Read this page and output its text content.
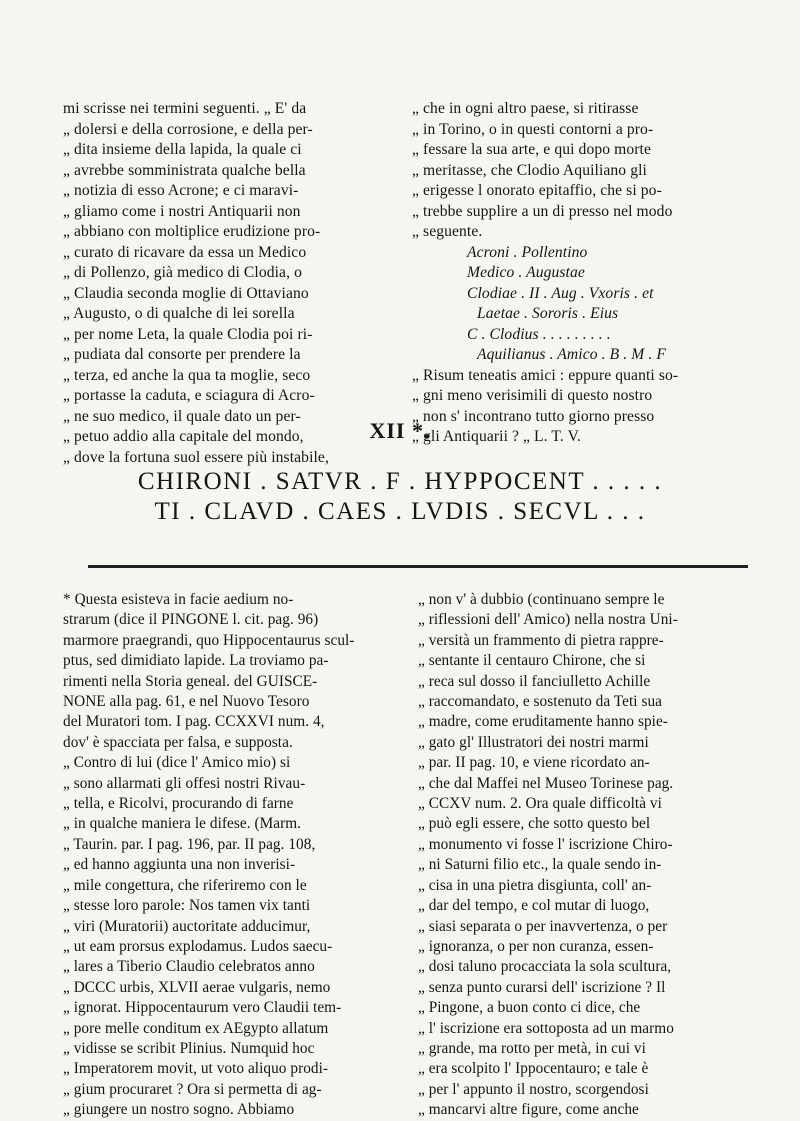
mi scrisse nei termini seguenti. „ E' da
„ dolersi e della corrosione, e della per-
„ dita insieme della lapida, la quale ci
„ avrebbe somministrata qualche bella
„ notizia di esso Acrone; e ci maravi-
„ gliamo come i nostri Antiquarii non
„ abbiano con moltiplice erudizione pro-
„ curato di ricavare da essa un Medico
„ di Pollenzo, già medico di Clodia, o
„ Claudia seconda moglie di Ottaviano
„ Augusto, o di qualche di lei sorella
„ per nome Leta, la quale Clodia poi ri-
„ pudiata dal consorte per prendere la
„ terza, ed anche la qua ta moglie, seco
„ portasse la caduta, e sciagura di Acro-
„ ne suo medico, il quale dato un per-
„ petuo addio alla capitale del mondo,
„ dove la fortuna suol essere più instabile,
„ che in ogni altro paese, si ritirasse
„ in Torino, o in questi contorni a pro-
„ fessare la sua arte, e qui dopo morte
„ meritasse, che Clodio Aquiliano gli
„ erigesse l onorato epitaffio, che si po-
„ trebbe supplire a un di presso nel modo
„ seguente.
Acroni . Pollentino
Medico . Augustae
Clodiae . II . Aug . Vxoris . et
Laetae . Sororis . Eius
C . Clodius . . . . . . . . .
Aquilianus . Amico . B . M . F
„ Risum teneatis amici : eppure quanti so-
„ gni meno verisimili di questo nostro
„ non s' incontrano tutto giorno presso
„ gli Antiquarii ? „ L. T. V.
XII *.
CHIRONI . SATVR . F . HYPPOCENT . . . . .
TI . CLAVD . CAES . LVDIS . SECVL . . .
* Questa esisteva in facie aedium no-
strarum (dice il PINGONE l. cit. pag. 96)
marmore praegrandi, quo Hippocentaurus scul-
ptus, sed dimidiato lapide. La troviamo pa-
rimenti nella Storia geneal. del GUISCE-
NONE alla pag. 61, e nel Nuovo Tesoro
del Muratori tom. I pag. CCXXVI num. 4,
dov' è spacciata per falsa, e supposta.
„ Contro di lui (dice l' Amico mio) si
„ sono allarmati gli offesi nostri Rivau-
„ tella, e Ricolvi, procurando di farne
„ in qualche maniera le difese. (Marm.
„ Taurin. par. I pag. 196, par. II pag. 108,
„ ed hanno aggiunta una non inverisi-
„ mile congettura, che riferiremo con le
„ stesse loro parole: Nos tamen vix tanti
„ viri (Muratorii) auctoritate adducimur,
„ ut eam prorsus explodamus. Ludos saecu-
„ lares a Tiberio Claudio celebratos anno
„ DCCC urbis, XLVII aerae vulgaris, nemo
„ ignorat. Hippocentaurum vero Claudii tem-
„ pore melle conditum ex AEgypto allatum
„ vidisse se scribit Plinius. Numquid hoc
„ Imperatorem movit, ut voto aliquo prodi-
„ gium procuraret ? Ora si permetta di ag-
„ giungere un nostro sogno. Abbiamo
„ non v' à dubbio (continuano sempre le
„ riflessioni dell' Amico) nella nostra Uni-
„ versità un frammento di pietra rappre-
„ sentante il centauro Chirone, che si
„ reca sul dosso il fanciulletto Achille
„ raccomandato, e sostenuto da Teti sua
„ madre, come eruditamente hanno spie-
„ gato gl' Illustratori dei nostri marmi
„ par. II pag. 10, e viene ricordato an-
„ che dal Maffei nel Museo Torinese pag.
„ CCXV num. 2. Ora quale difficoltà vi
„ può egli essere, che sotto questo bel
„ monumento vi fosse l' iscrizione Chiro-
„ ni Saturni filio etc., la quale sendo in-
„ cisa in una pietra disgiunta, coll' an-
„ dar del tempo, e col mutar di luogo,
„ siasi separata o per inavvertenza, o per
„ ignoranza, o per non curanza, essen-
„ dosi taluno procacciata la sola scultura,
„ senza punto curarsi dell' iscrizione ? Il
„ Pingone, a buon conto ci dice, che
„ l' iscrizione era sottoposta ad un marmo
„ grande, ma rotto per metà, in cui vi
„ era scolpito l' Ippocentauro; e tale è
„ per l' appunto il nostro, scorgendosi
„ mancarvi altre figure, come anche
